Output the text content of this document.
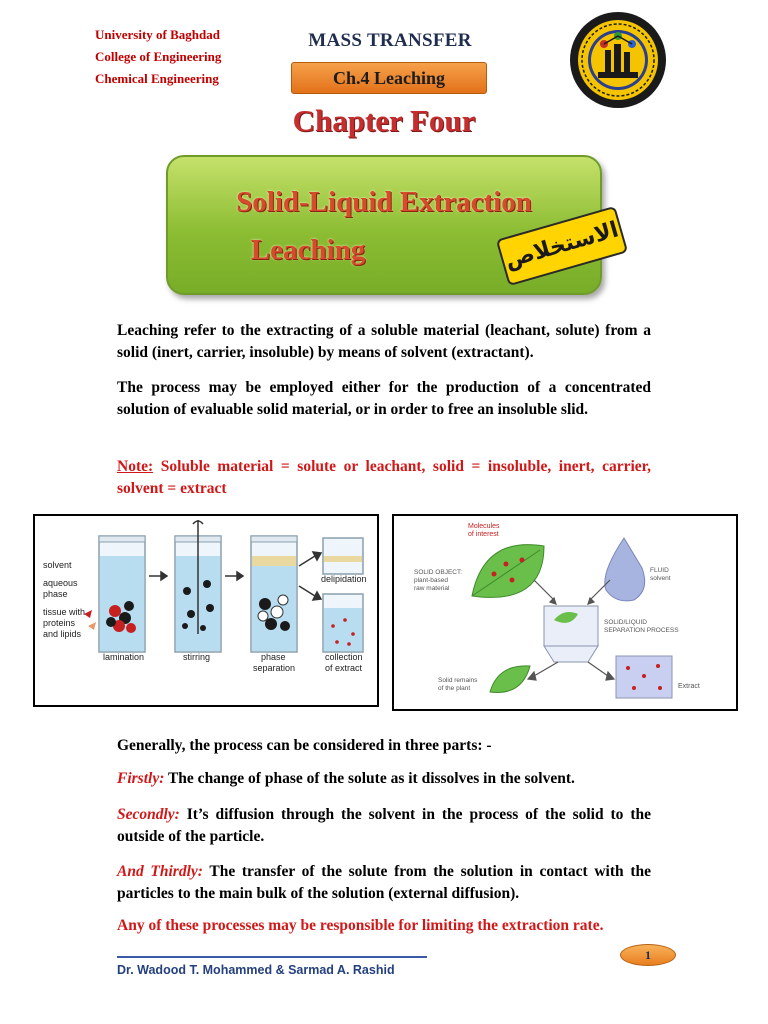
University of Baghdad
College of Engineering
Chemical Engineering
MASS TRANSFER
Ch.4 Leaching
Chapter Four
Solid-Liquid Extraction
Leaching	الاستخلاص
Leaching refer to the extracting of a soluble material (leachant, solute) from a solid (inert, carrier, insoluble) by means of solvent (extractant).
The process may be employed either for the production of a concentrated solution of evaluable solid material, or in order to free an insoluble slid.
Note: Soluble material = solute or leachant, solid = insoluble, inert, carrier, solvent = extract
solvent
aqueous
phase
tissue with
proteins
and lipids
lamination	stirring	phase
separation
collection
of extract
delipidation
Molecules
of interest
SOLID OBJECT:
plant-based
raw material
FLUID
solvent
SOLID/LIQUID
SEPARATION PROCESS
Solid remains
of the plant	Extract
Generally, the process can be considered in three parts: -
Firstly: The change of phase of the solute as it dissolves in the solvent.
Secondly: It’s diffusion through the solvent in the process of the solid to the outside of the particle.
And Thirdly: The transfer of the solute from the solution in contact with the particles to the main bulk of the solution (external diffusion).
Any of these processes may be responsible for limiting the extraction rate.
Dr. Wadood T. Mohammed & Sarmad A. Rashid
1
